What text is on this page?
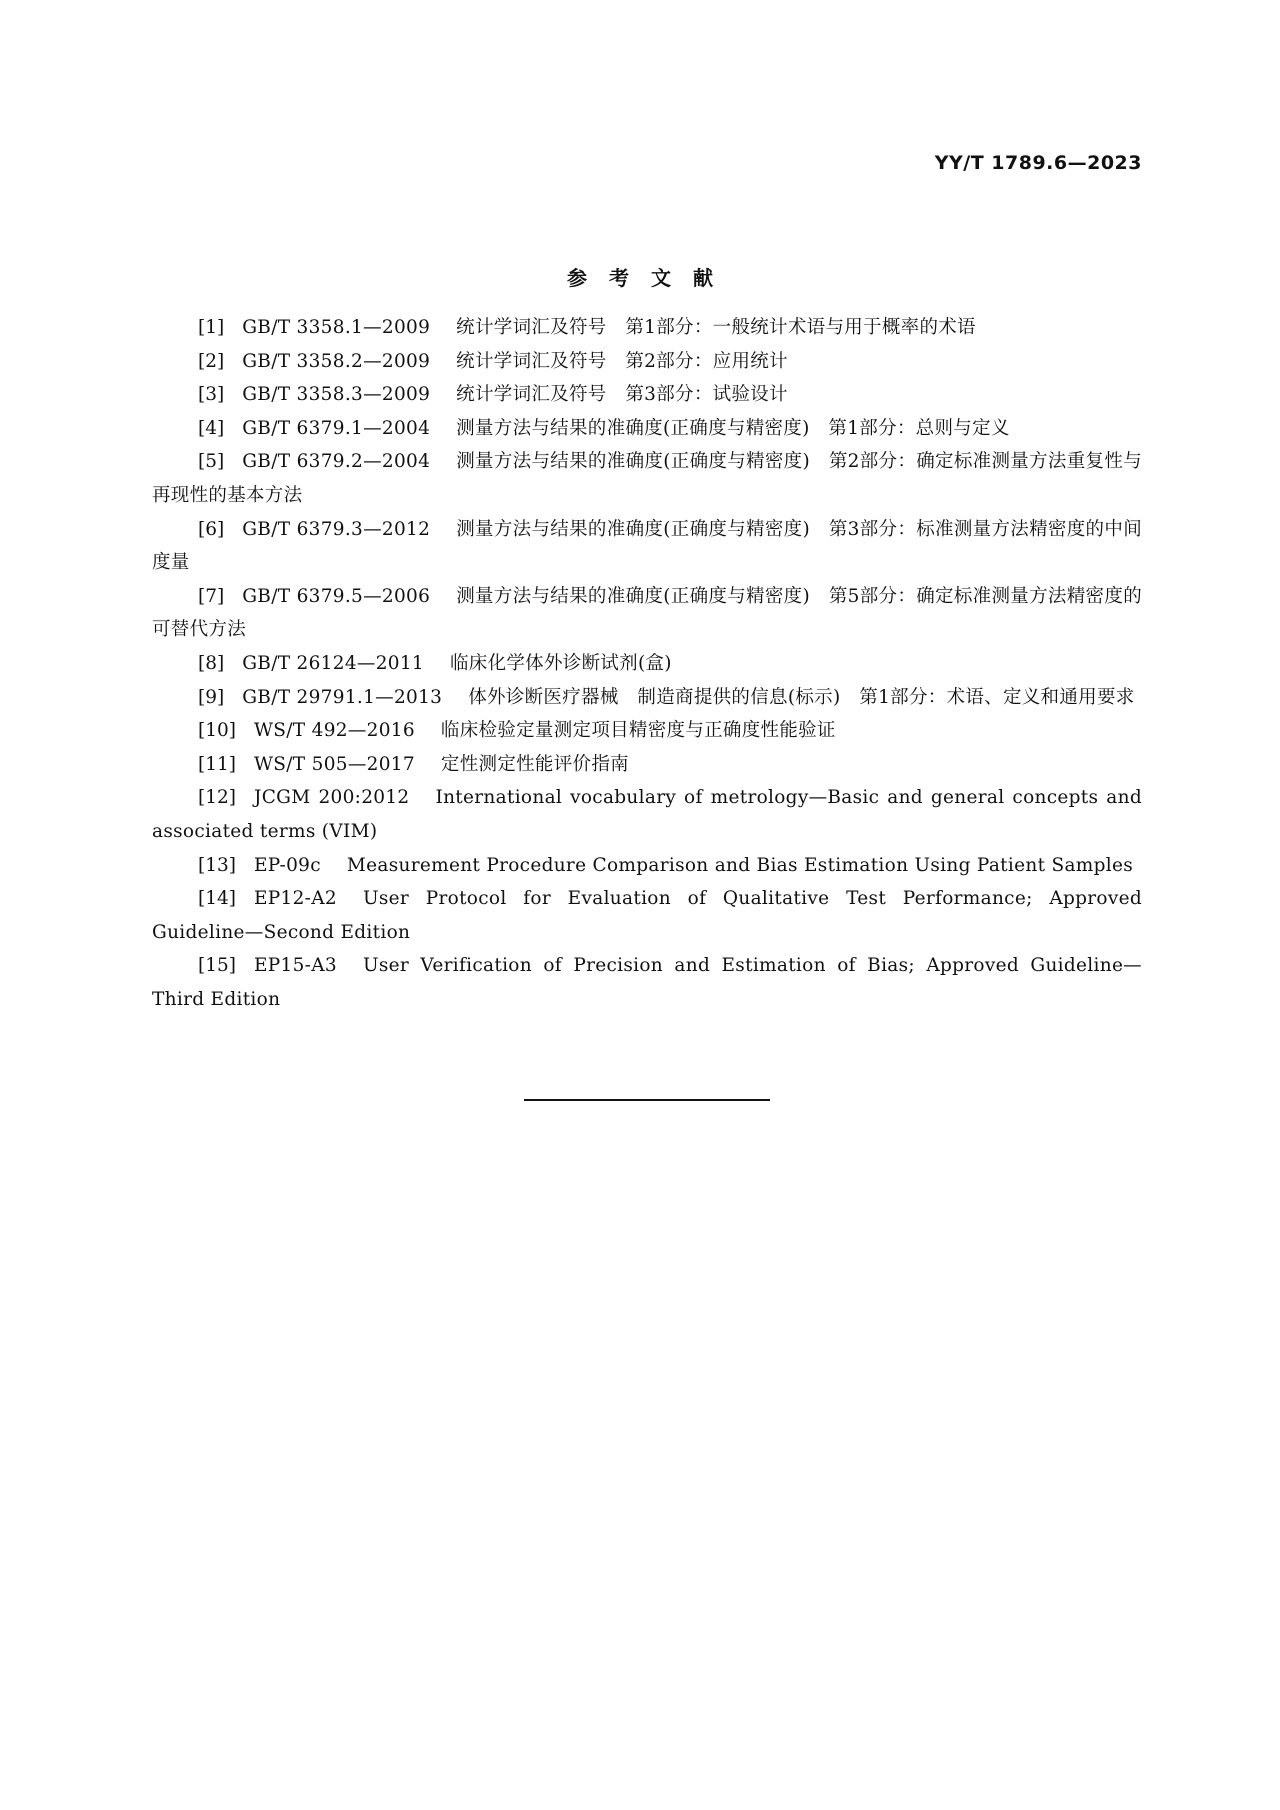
YY/T 1789.6—2023
参考文献
[1] GB/T 3358.1—2009 统计学词汇及符号　第1部分：一般统计术语与用于概率的术语
[2] GB/T 3358.2—2009 统计学词汇及符号　第2部分：应用统计
[3] GB/T 3358.3—2009 统计学词汇及符号　第3部分：试验设计
[4] GB/T 6379.1—2004 测量方法与结果的准确度(正确度与精密度)　第1部分：总则与定义
[5] GB/T 6379.2—2004 测量方法与结果的准确度(正确度与精密度)　第2部分：确定标准测量方法重复性与再现性的基本方法
[6] GB/T 6379.3—2012 测量方法与结果的准确度(正确度与精密度)　第3部分：标准测量方法精密度的中间度量
[7] GB/T 6379.5—2006 测量方法与结果的准确度(正确度与精密度)　第5部分：确定标准测量方法精密度的可替代方法
[8] GB/T 26124—2011 临床化学体外诊断试剂(盒)
[9] GB/T 29791.1—2013 体外诊断医疗器械　制造商提供的信息(标示)　第1部分：术语、定义和通用要求
[10] WS/T 492—2016 临床检验定量测定项目精密度与正确度性能验证
[11] WS/T 505—2017 定性测定性能评价指南
[12] JCGM 200:2012 International vocabulary of metrology—Basic and general concepts and associated terms (VIM)
[13] EP-09c Measurement Procedure Comparison and Bias Estimation Using Patient Samples
[14] EP12-A2 User Protocol for Evaluation of Qualitative Test Performance; Approved Guideline—Second Edition
[15] EP15-A3 User Verification of Precision and Estimation of Bias; Approved Guideline—Third Edition
